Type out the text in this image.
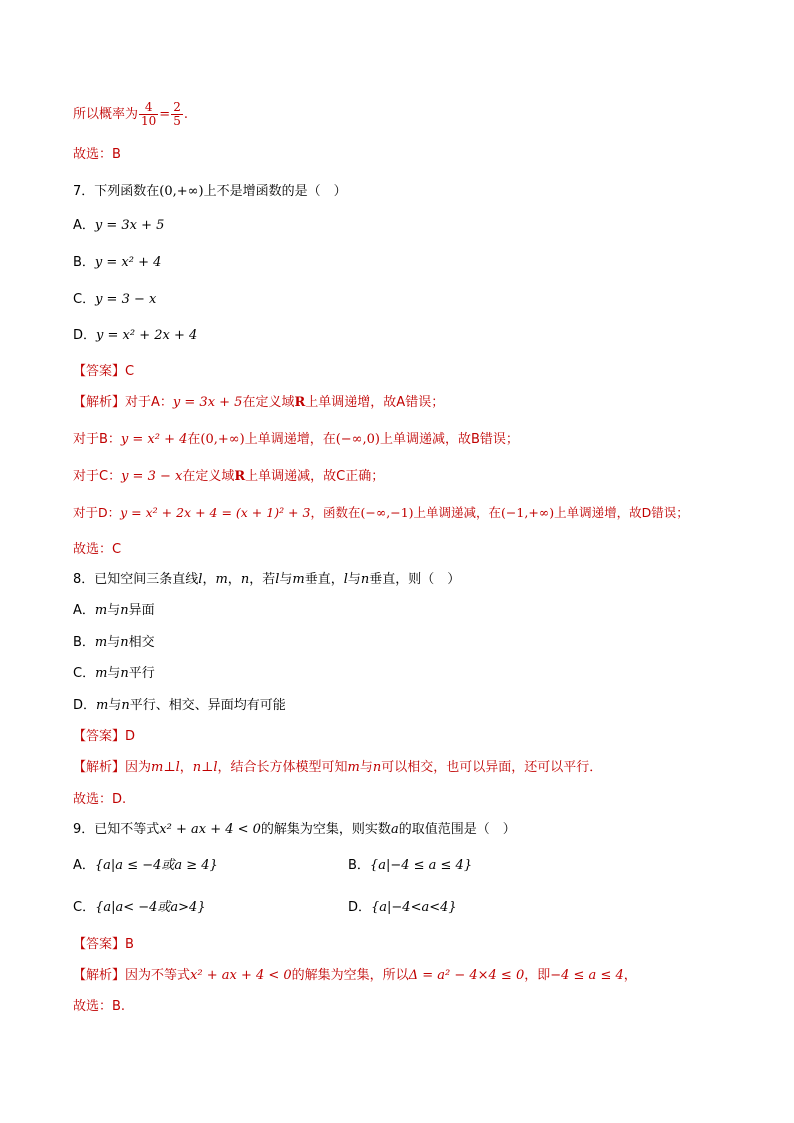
所以概率为 $\frac{4}{10} = \frac{2}{5}$ .
故选：B
7．下列函数在(0,+∞)上不是增函数的是（　）
A．y = 3x + 5
B．y = x² + 4
C．y = 3 − x
D．y = x² + 2x + 4
【答案】C
【解析】对于A：y = 3x + 5在定义域R上单调递增，故A错误；
对于B：y = x² + 4在(0,+∞)上单调递增，在(−∞,0)上单调递减，故B错误；
对于C：y = 3 − x在定义域R上单调递减，故C正确；
对于D：y = x² + 2x + 4 = (x + 1)² + 3，函数在(−∞,−1)上单调递减，在(−1,+∞)上单调递增，故D错误；
故选：C
8．已知空间三条直线l，m，n，若l与m垂直，l与n垂直，则（　）
A．m与n异面
B．m与n相交
C．m与n平行
D．m与n平行、相交、异面均有可能
【答案】D
【解析】因为m⊥l，n⊥l，结合长方体模型可知m与n可以相交，也可以异面，还可以平行．
故选：D.
9．已知不等式x² + ax + 4 < 0的解集为空集，则实数a的取值范围是（　）
A．{a|a ≤ −4或a ≥ 4}	B．{a|−4 ≤ a ≤ 4}
C．{a|a< −4或a>4}	D．{a|−4<a<4}
【答案】B
【解析】因为不等式x² + ax + 4 < 0的解集为空集，所以Δ = a² − 4×4 ≤ 0，即−4 ≤ a ≤ 4，
故选：B.
